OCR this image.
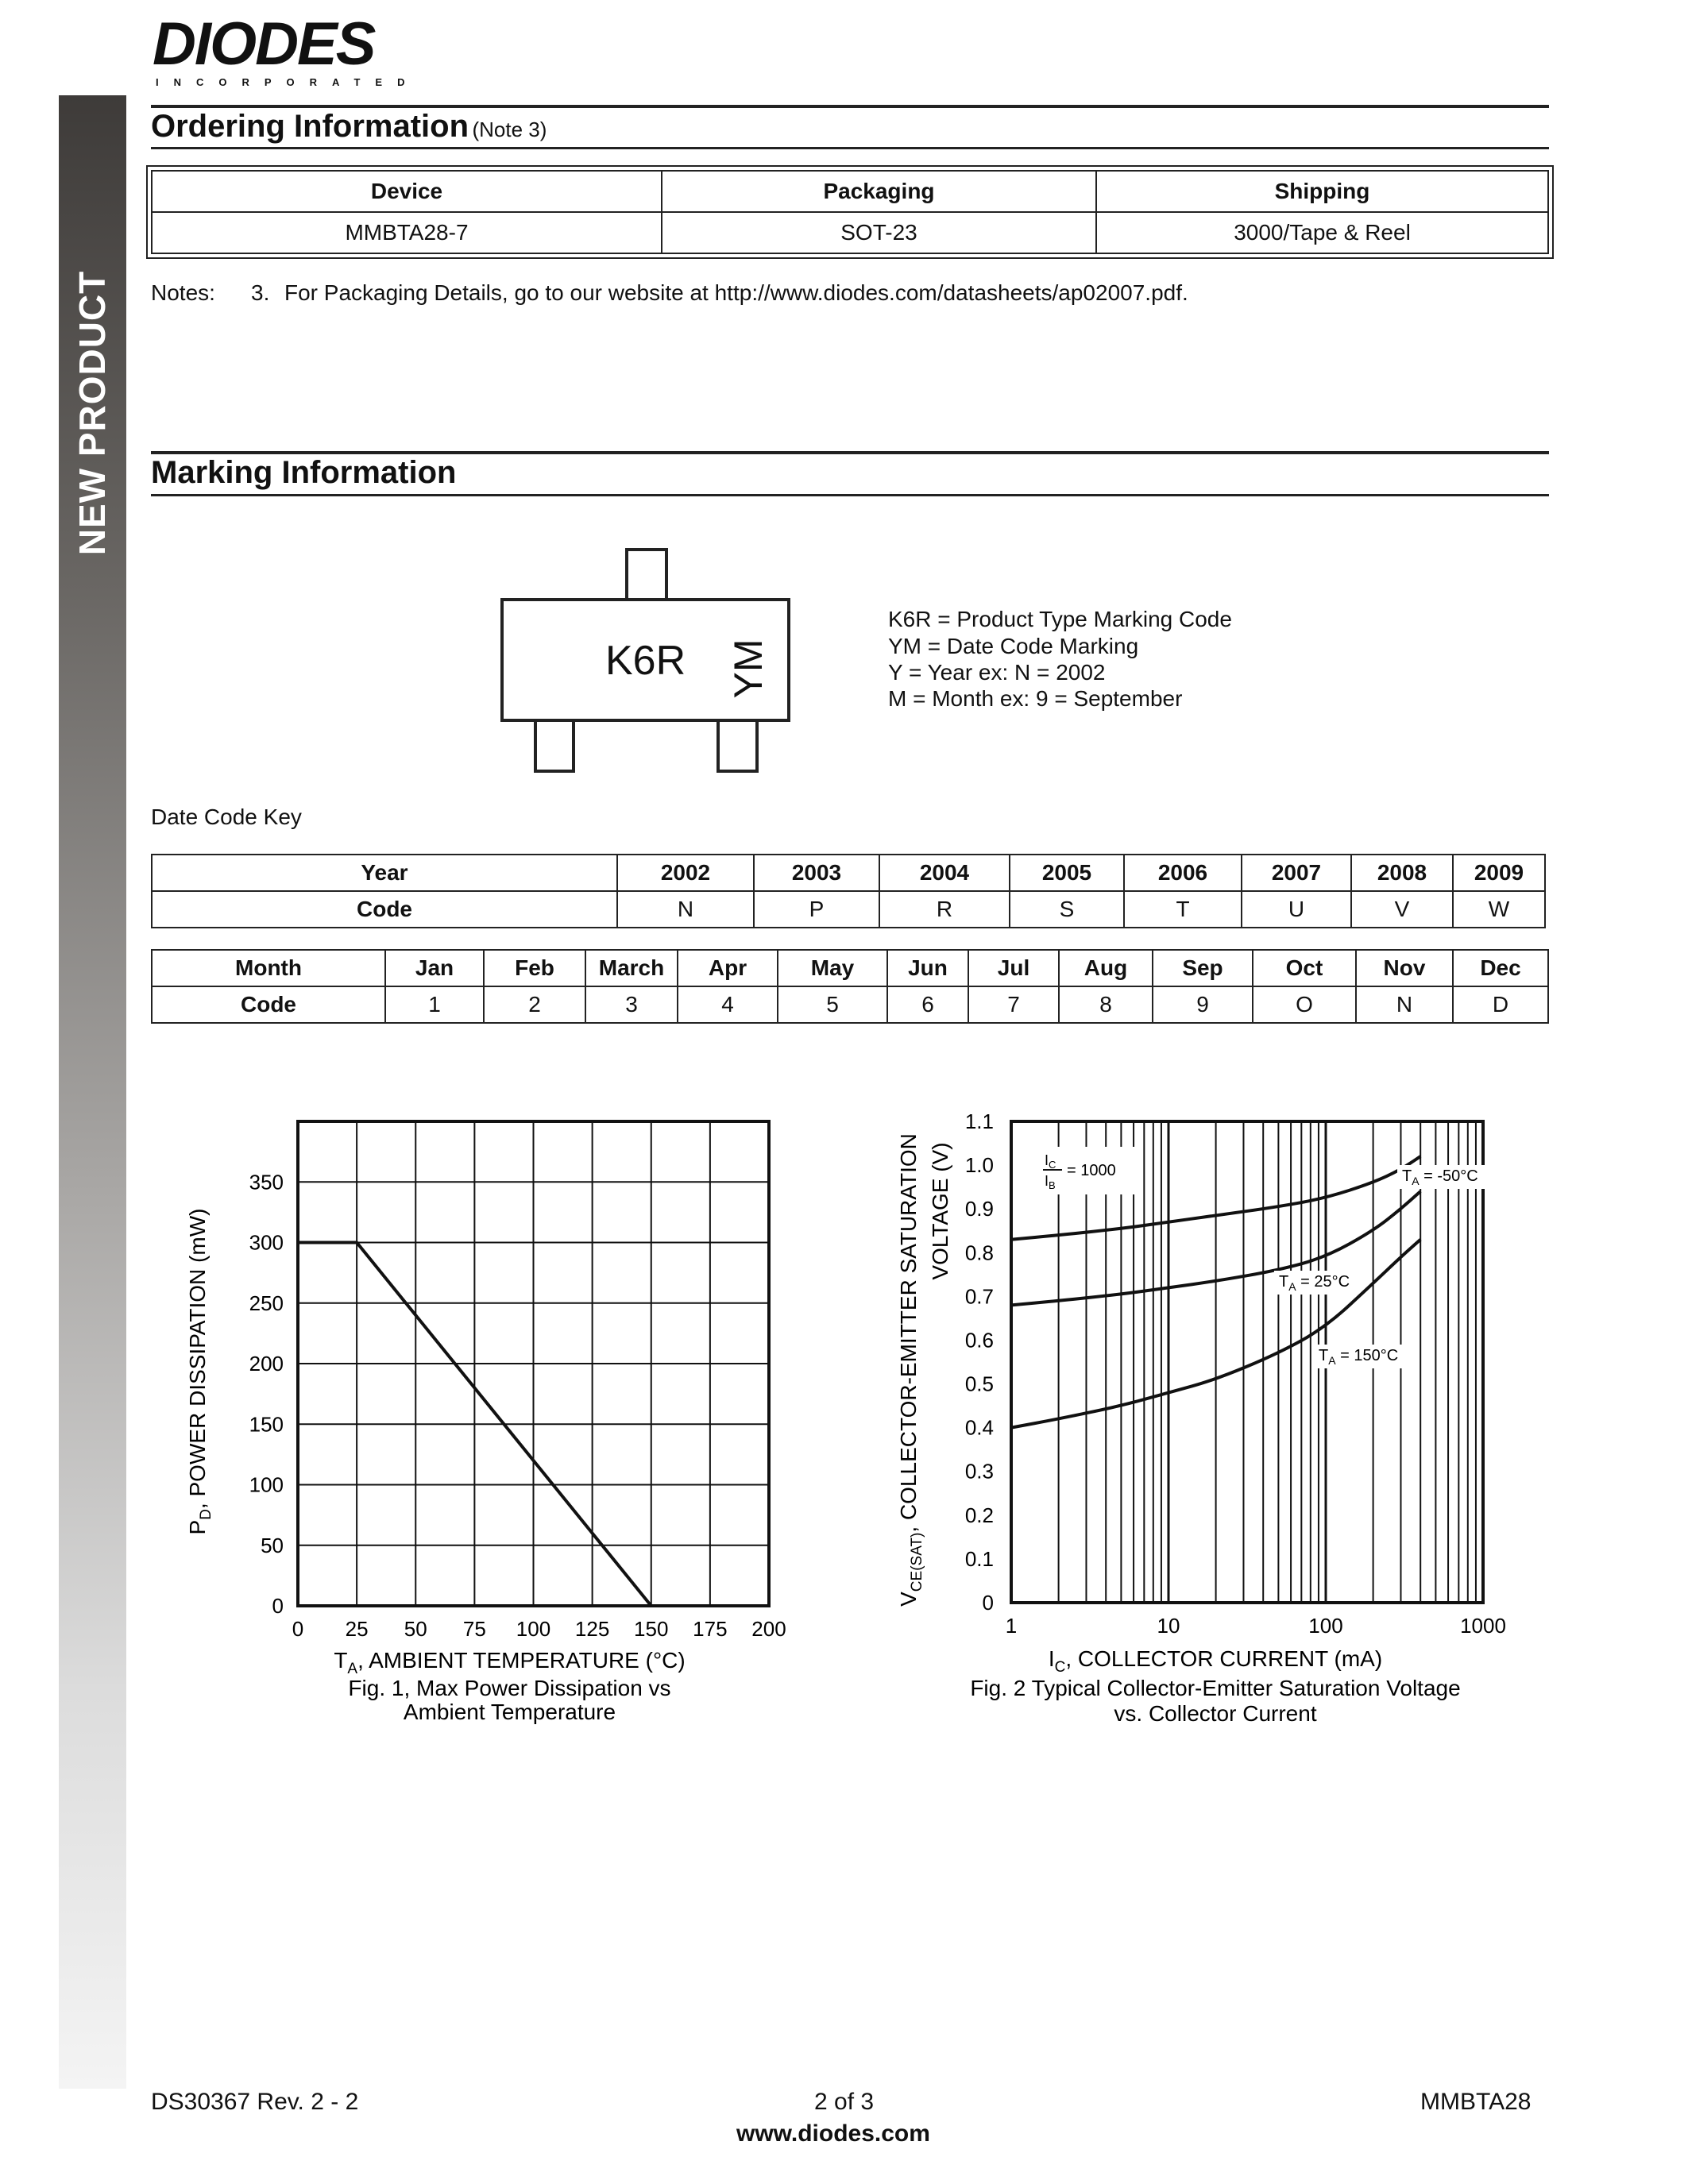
NEW PRODUCT
DIODES
INCORPORATED
Ordering Information (Note 3)
Device	Packaging	Shipping
MMBTA28-7	SOT-23	3000/Tape & Reel
Notes: 3. For Packaging Details, go to our website at http://www.diodes.com/datasheets/ap02007.pdf.
Marking Information
K6R YM
K6R = Product Type Marking Code
YM = Date Code Marking
Y = Year ex: N = 2002
M = Month ex: 9 = September
Date Code Key
Year	2002	2003	2004	2005	2006	2007	2008	2009
Code	N	P	R	S	T	U	V	W
Month	Jan	Feb	March	Apr	May	Jun	Jul	Aug	Sep	Oct	Nov	Dec
Code	1	2	3	4	5	6	7	8	9	O	N	D
0 25 50 75 100 125 150 175 200
0
50
100
150
200
250
300
350
$P_D$, POWER DISSIPATION (mW)
$T_A$, AMBIENT TEMPERATURE (°C)
Fig. 1, Max Power Dissipation vs
Ambient Temperature
1	10	100	1000
0
0.1
0.2
0.3
0.4
0.5
0.6
0.7
0.8
0.9
1.0
1.1
$T_A = -50^\circ C$
$T_A = 25^\circ C$
$T_A = 150^\circ C$
$V_{CE(SAT)}$, COLLECTOR-EMITTER SATURATION VOLTAGE (V)
$I_C$, COLLECTOR CURRENT (mA)
Fig. 2 Typical Collector-Emitter Saturation Voltage
vs. Collector Current
$I_C$
$I_B$
= 1000
DS30367 Rev. 2 - 2	2 of 3	MMBTA28
www.diodes.com
